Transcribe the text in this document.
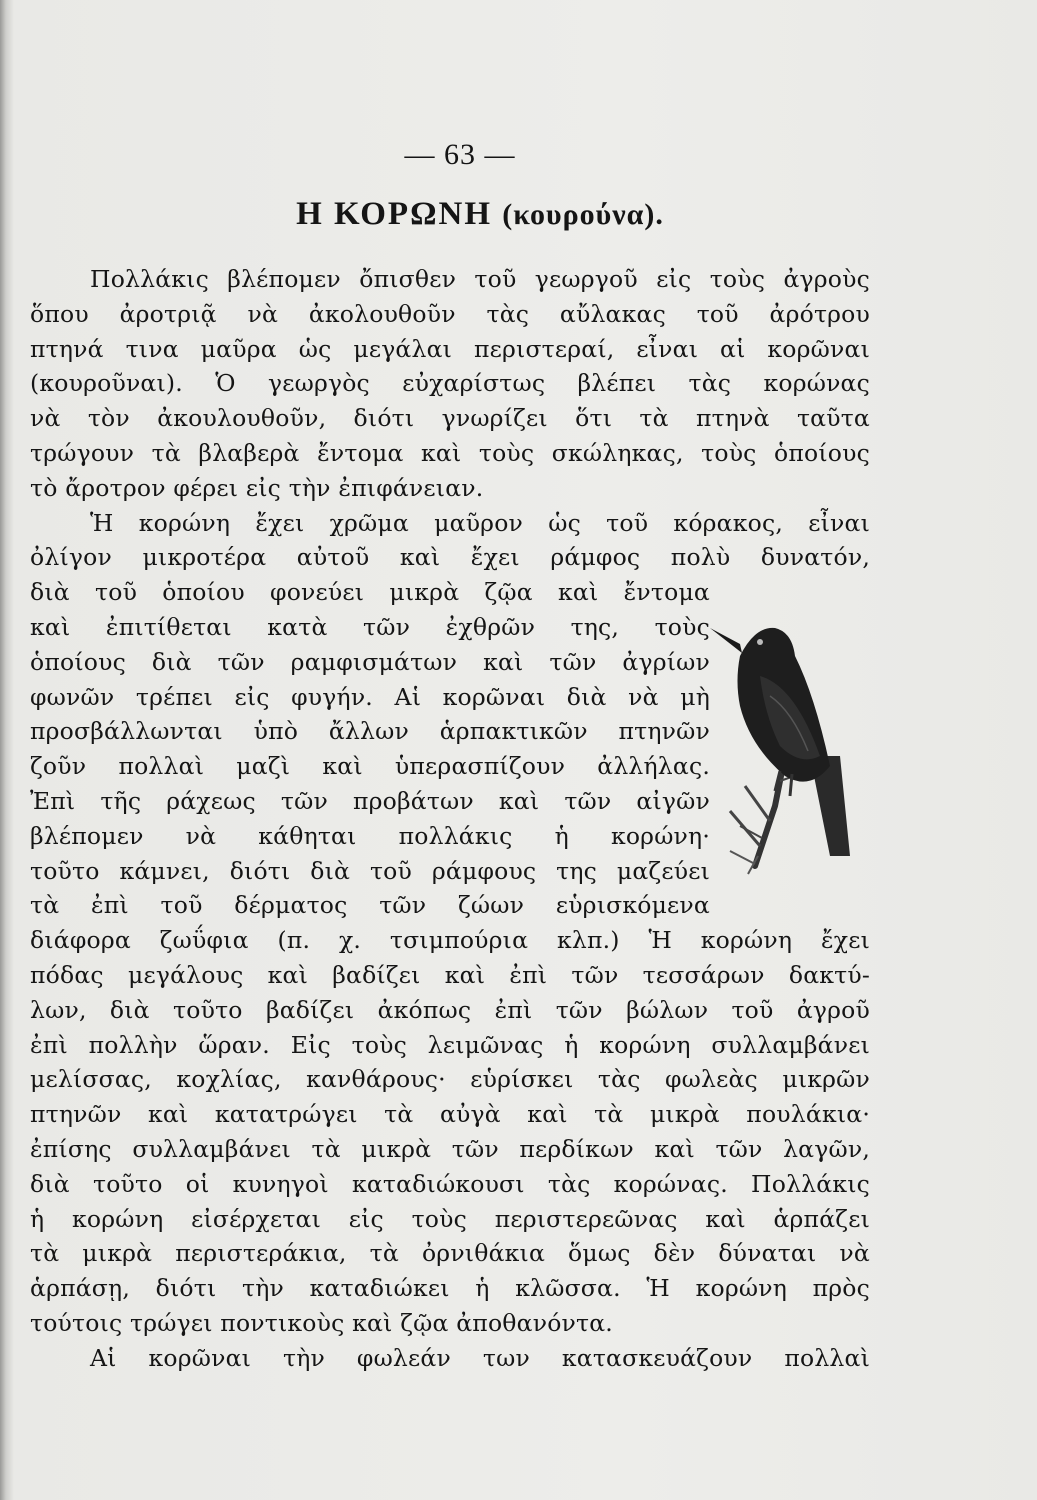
— 63 —
Η ΚΟΡΩΝΗ (κουρούνα).
Πολλάκις βλέπομεν ὄπισθεν τοῦ γεωργοῦ εἰς τοὺς ἀγροὺς
ὅπου ἀροτριᾷ νὰ ἀκολουθοῦν τὰς αὔλακας τοῦ ἀρότρου
πτηνά τινα μαῦρα ὡς μεγάλαι περιστεραί, εἶναι αἱ κορῶναι
(κουροῦναι). Ὁ γεωργὸς εὐχαρίστως βλέπει τὰς κορώνας
νὰ τὸν ἀκουλουθοῦν, διότι γνωρίζει ὅτι τὰ πτηνὰ ταῦτα
τρώγουν τὰ βλαβερὰ ἔντομα καὶ τοὺς σκώληκας, τοὺς ὁποίους
τὸ ἄροτρον φέρει εἰς τὴν ἐπιφάνειαν.
Ἡ κορώνη ἔχει χρῶμα μαῦρον ὡς τοῦ κόρακος, εἶναι
ὀλίγον μικροτέρα αὐτοῦ καὶ ἔχει ράμφος πολὺ δυνατόν,
διὰ τοῦ ὁποίου φονεύει μικρὰ ζῷα καὶ ἔντομα
καὶ ἐπιτίθεται κατὰ τῶν ἐχθρῶν της, τοὺς
ὁποίους διὰ τῶν ραμφισμάτων καὶ τῶν ἀγρίων
φωνῶν τρέπει εἰς φυγήν. Αἱ κορῶναι διὰ νὰ μὴ
προσβάλλωνται ὑπὸ ἄλλων ἁρπακτικῶν πτηνῶν
ζοῦν πολλαὶ μαζὶ καὶ ὑπερασπίζουν ἀλλήλας.
Ἐπὶ τῆς ράχεως τῶν προβάτων καὶ τῶν αἰγῶν
βλέπομεν νὰ κάθηται πολλάκις ἡ κορώνη·
τοῦτο κάμνει, διότι διὰ τοῦ ράμφους της μαζεύει
τὰ ἐπὶ τοῦ δέρματος τῶν ζώων εὑρισκόμενα
διάφορα ζωΰφια (π. χ. τσιμπούρια κλπ.) Ἡ κορώνη ἔχει
πόδας μεγάλους καὶ βαδίζει καὶ ἐπὶ τῶν τεσσάρων δακτύ-
λων, διὰ τοῦτο βαδίζει ἀκόπως ἐπὶ τῶν βώλων τοῦ ἀγροῦ
ἐπὶ πολλὴν ὥραν. Εἰς τοὺς λειμῶνας ἡ κορώνη συλλαμβάνει
μελίσσας, κοχλίας, κανθάρους· εὑρίσκει τὰς φωλεὰς μικρῶν
πτηνῶν καὶ κατατρώγει τὰ αὐγὰ καὶ τὰ μικρὰ πουλάκια·
ἐπίσης συλλαμβάνει τὰ μικρὰ τῶν περδίκων καὶ τῶν λαγῶν,
διὰ τοῦτο οἱ κυνηγοὶ καταδιώκουσι τὰς κορώνας. Πολλάκις
ἡ κορώνη εἰσέρχεται εἰς τοὺς περιστερεῶνας καὶ ἁρπάζει
τὰ μικρὰ περιστεράκια, τὰ ὀρνιθάκια ὅμως δὲν δύναται νὰ
ἁρπάσῃ, διότι τὴν καταδιώκει ἡ κλῶσσα. Ἡ κορώνη πρὸς
τούτοις τρώγει ποντικοὺς καὶ ζῷα ἀποθανόντα.
Αἱ κορῶναι τὴν φωλεάν των κατασκευάζουν πολλαὶ
